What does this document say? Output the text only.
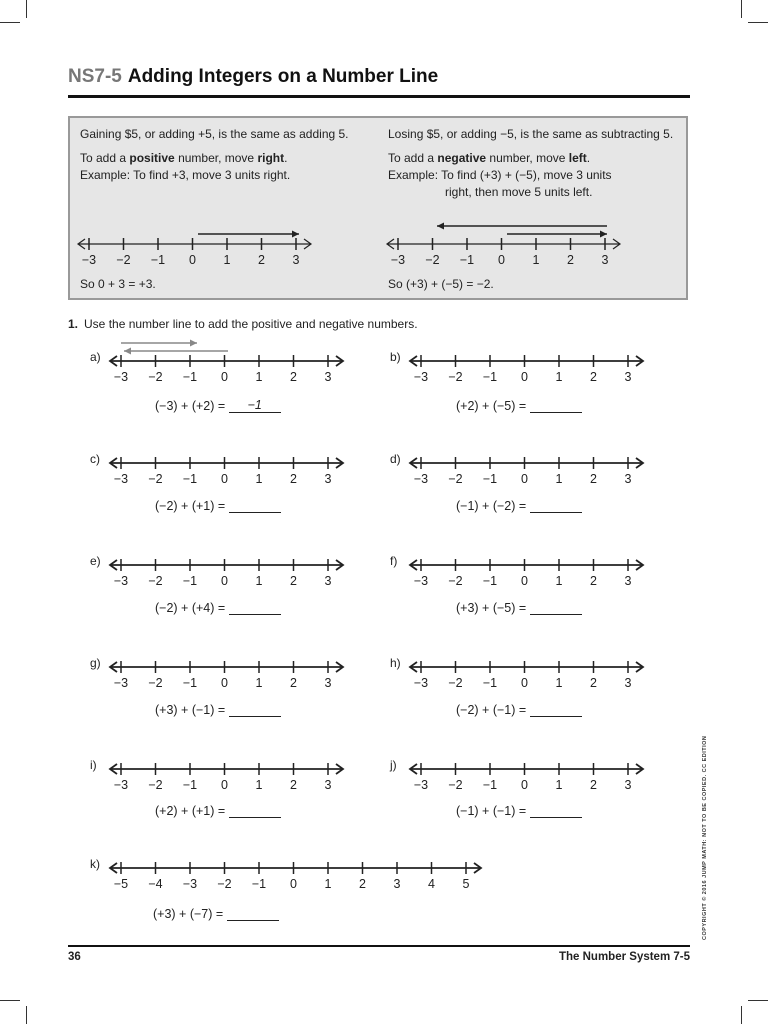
NS7-5 Adding Integers on a Number Line

Gaining $5, or adding +5, is the same as adding 5.

To add a positive number, move right.

Example: To find +3, move 3 units right.

Losing $5, or adding −5, is the same as subtracting 5.

To add a negative number, move left.

Example: To find (+3) + (−5), move 3 units

right, then move 5 units left.

So 0 + 3 = +3.	So (+3) + (−5) = −2.
1. Use the number line to add the positive and negative numbers.
−3 −2 −1 0 1 2 3	−3 −2 −1 0 1 2 3
−3 −2 −1 0 1 2 3	−3 −2 −1 0 1 2 3
−3 −2 −1 0 1 2 3	−3 −2 −1 0 1 2 3
−3 −2 −1 0 1 2 3	−3 −2 −1 0 1 2 3
−3 −2 −1 0 1 2 3	−3 −2 −1 0 1 2 3
−3 −2 −1 0 1 2 3	−3 −2 −1 0 1 2 3
−5 −4 −3 −2 −1 0 1 2 3 4 5
a)
(−3) + (+2) = −1
b)
(+2) + (−5) =
c)
(−2) + (+1) =
d)
(−1) + (−2) =
e)
(−2) + (+4) =
f)
(+3) + (−5) =
g)
(+3) + (−1) =
h)
(−2) + (−1) =
i)
(+2) + (+1) =
j)
(−1) + (−1) =
k)
(+3) + (−7) =
36	The Number System 7-5
COPYRIGHT © 2016 JUMP MATH: NOT TO BE COPIED. CC EDITION
